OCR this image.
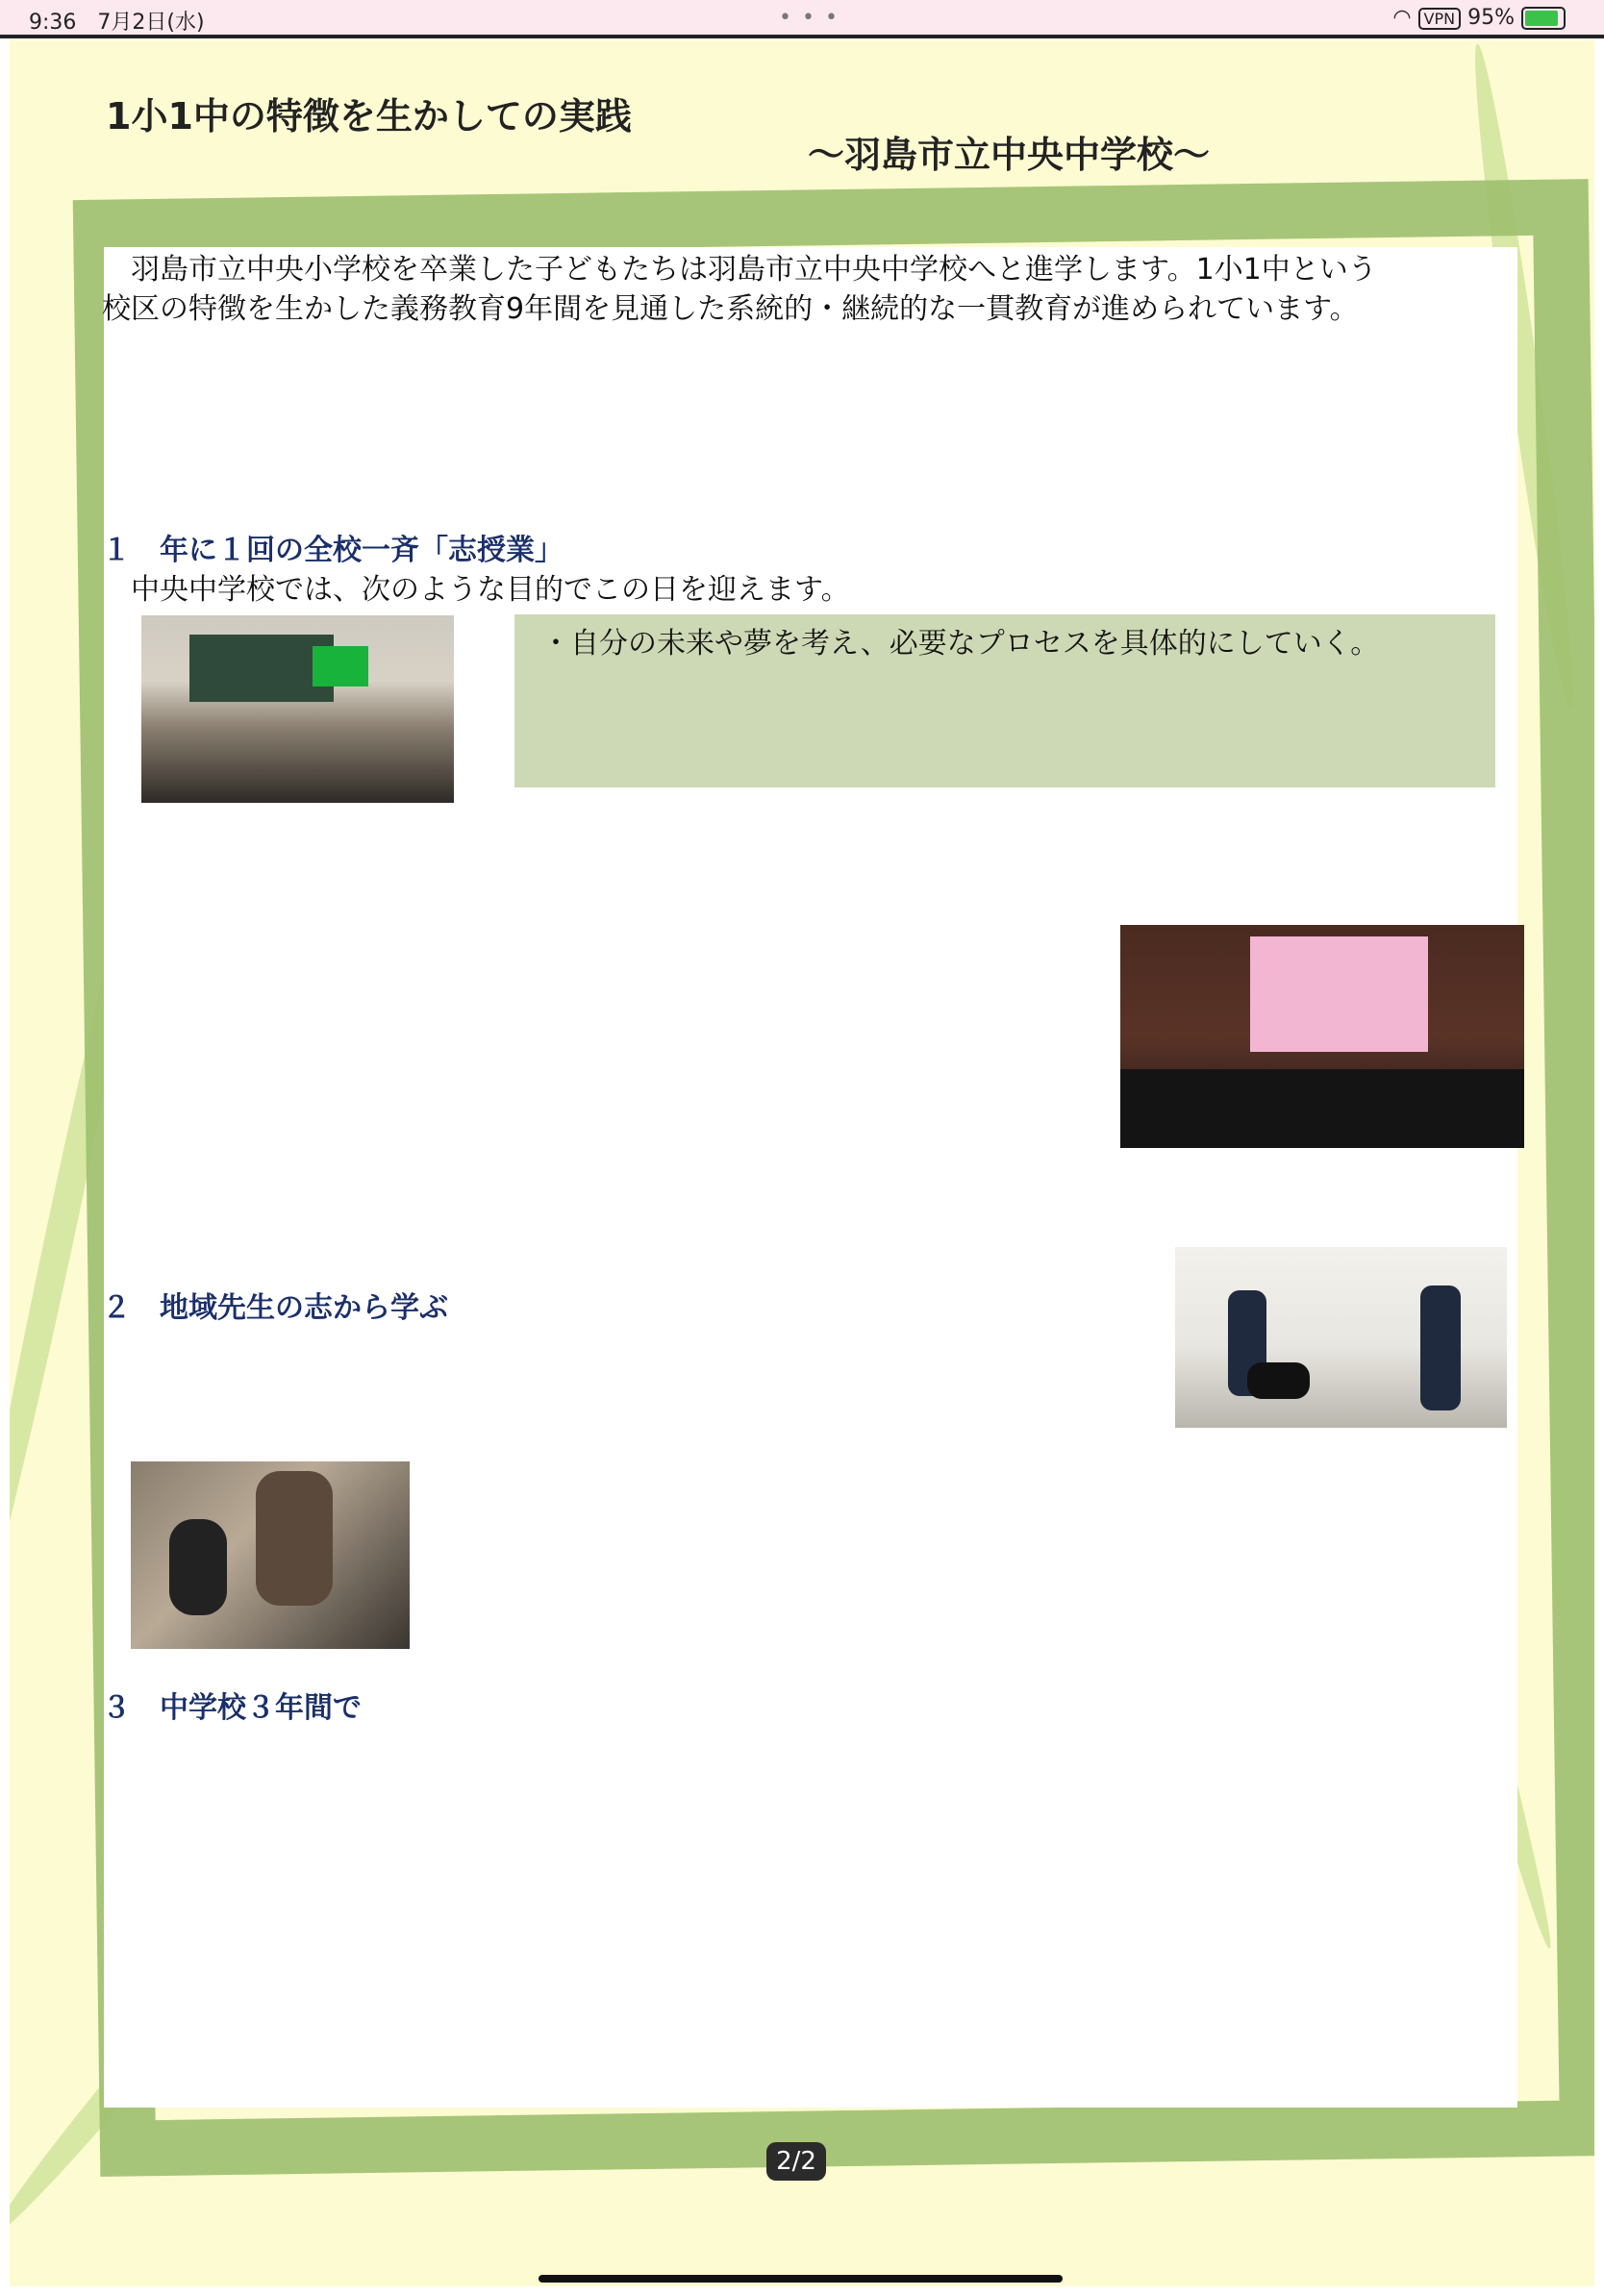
9:36　 7月2日(水)	• • •	◠ VPN 95%
1小1中の特徴を生かしての実践
～羽島市立中央中学校～
　羽島市立中央小学校を卒業した子どもたちは羽島市立中央中学校へと進学します。1小1中という
校区の特徴を生かした義務教育9年間を見通した系統的・継続的な一貫教育が進められています。
１　年に１回の全校一斉「志授業」
　中央中学校では、次のような目的でこの日を迎えます。
・自分の未来や夢を考え、必要なプロセスを具体的にしていく。
２　地域先生の志から学ぶ
３　中学校３年間で
2/2
